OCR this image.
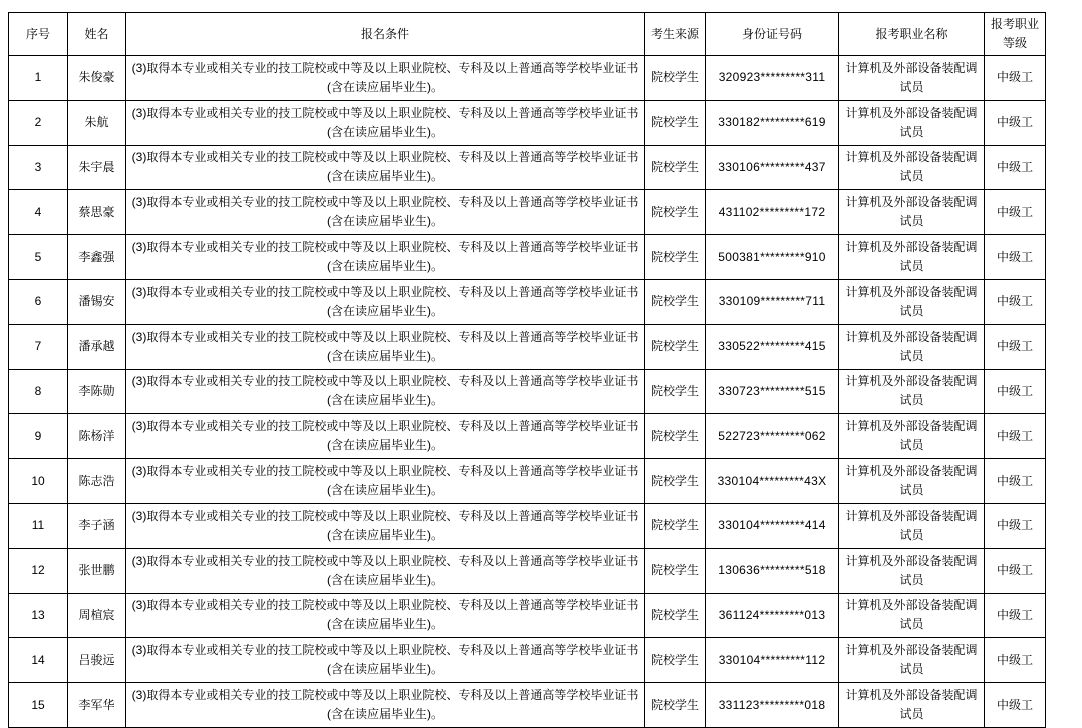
序号	姓名	报名条件	考生来源	身份证号码	报考职业名称	报考职业等级
1	朱俊豪	(3)取得本专业或相关专业的技工院校或中等及以上职业院校、专科及以上普通高等学校毕业证书(含在读应届毕业生)。	院校学生	320923*********311	计算机及外部设备装配调试员	中级工
2	朱航	(3)取得本专业或相关专业的技工院校或中等及以上职业院校、专科及以上普通高等学校毕业证书(含在读应届毕业生)。	院校学生	330182*********619	计算机及外部设备装配调试员	中级工
3	朱宇晨	(3)取得本专业或相关专业的技工院校或中等及以上职业院校、专科及以上普通高等学校毕业证书(含在读应届毕业生)。	院校学生	330106*********437	计算机及外部设备装配调试员	中级工
4	蔡思豪	(3)取得本专业或相关专业的技工院校或中等及以上职业院校、专科及以上普通高等学校毕业证书(含在读应届毕业生)。	院校学生	431102*********172	计算机及外部设备装配调试员	中级工
5	李鑫强	(3)取得本专业或相关专业的技工院校或中等及以上职业院校、专科及以上普通高等学校毕业证书(含在读应届毕业生)。	院校学生	500381*********910	计算机及外部设备装配调试员	中级工
6	潘锡安	(3)取得本专业或相关专业的技工院校或中等及以上职业院校、专科及以上普通高等学校毕业证书(含在读应届毕业生)。	院校学生	330109*********711	计算机及外部设备装配调试员	中级工
7	潘承越	(3)取得本专业或相关专业的技工院校或中等及以上职业院校、专科及以上普通高等学校毕业证书(含在读应届毕业生)。	院校学生	330522*********415	计算机及外部设备装配调试员	中级工
8	李陈勋	(3)取得本专业或相关专业的技工院校或中等及以上职业院校、专科及以上普通高等学校毕业证书(含在读应届毕业生)。	院校学生	330723*********515	计算机及外部设备装配调试员	中级工
9	陈杨洋	(3)取得本专业或相关专业的技工院校或中等及以上职业院校、专科及以上普通高等学校毕业证书(含在读应届毕业生)。	院校学生	522723*********062	计算机及外部设备装配调试员	中级工
10	陈志浩	(3)取得本专业或相关专业的技工院校或中等及以上职业院校、专科及以上普通高等学校毕业证书(含在读应届毕业生)。	院校学生	330104*********43X	计算机及外部设备装配调试员	中级工
11	李子涵	(3)取得本专业或相关专业的技工院校或中等及以上职业院校、专科及以上普通高等学校毕业证书(含在读应届毕业生)。	院校学生	330104*********414	计算机及外部设备装配调试员	中级工
12	张世鹏	(3)取得本专业或相关专业的技工院校或中等及以上职业院校、专科及以上普通高等学校毕业证书(含在读应届毕业生)。	院校学生	130636*********518	计算机及外部设备装配调试员	中级工
13	周楦宸	(3)取得本专业或相关专业的技工院校或中等及以上职业院校、专科及以上普通高等学校毕业证书(含在读应届毕业生)。	院校学生	361124*********013	计算机及外部设备装配调试员	中级工
14	吕骏远	(3)取得本专业或相关专业的技工院校或中等及以上职业院校、专科及以上普通高等学校毕业证书(含在读应届毕业生)。	院校学生	330104*********112	计算机及外部设备装配调试员	中级工
15	李军华	(3)取得本专业或相关专业的技工院校或中等及以上职业院校、专科及以上普通高等学校毕业证书(含在读应届毕业生)。	院校学生	331123*********018	计算机及外部设备装配调试员	中级工
